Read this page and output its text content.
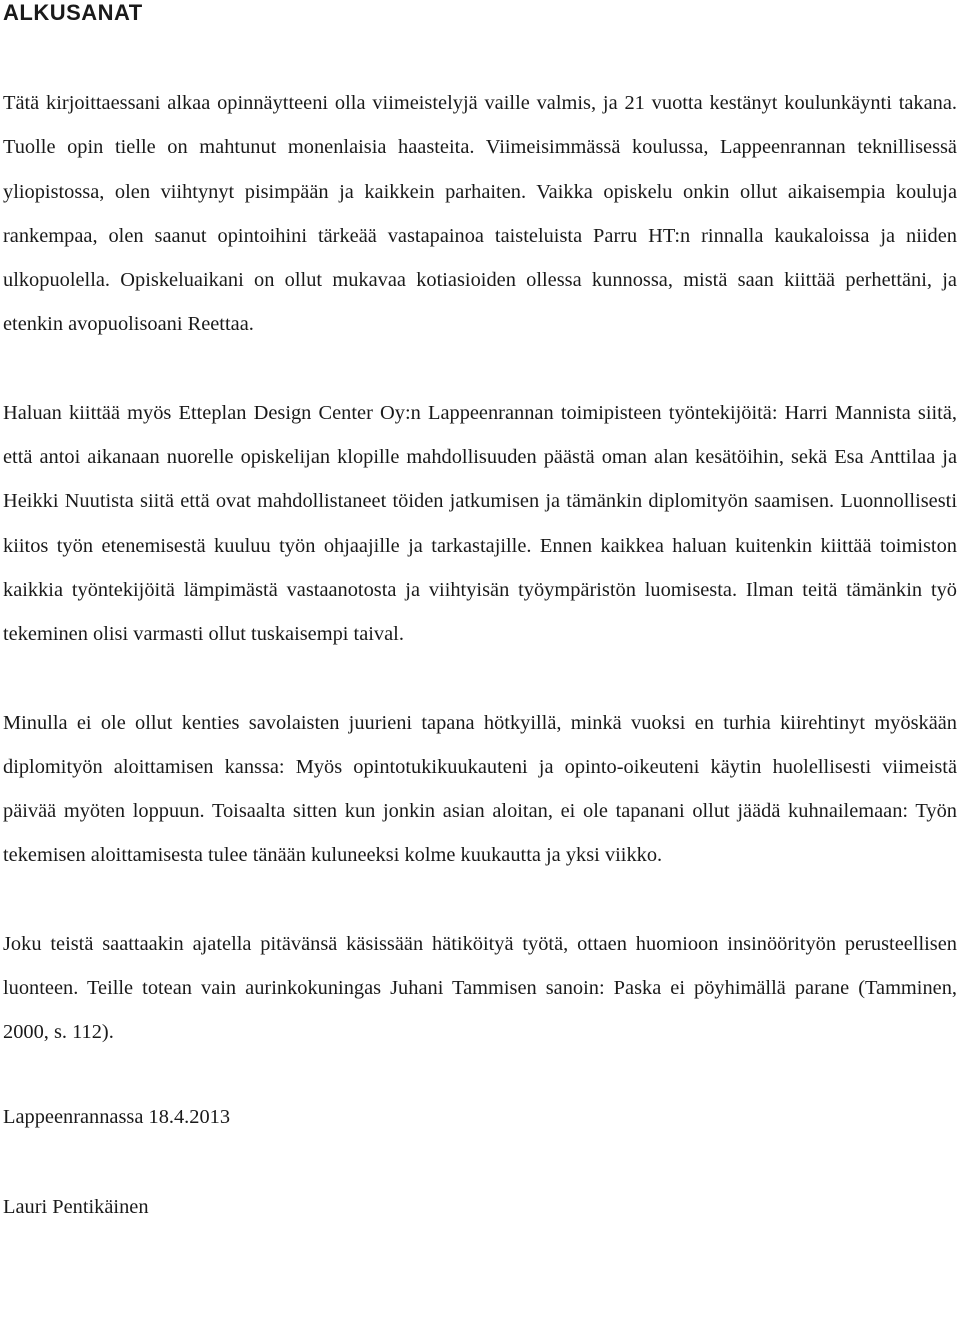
ALKUSANAT

Tätä kirjoittaessani alkaa opinnäytteeni olla viimeistelyjä vaille valmis, ja 21 vuotta kestänyt koulunkäynti takana. Tuolle opin tielle on mahtunut monenlaisia haasteita. Viimeisimmässä koulussa, Lappeenrannan teknillisessä yliopistossa, olen viihtynyt pisimpään ja kaikkein parhaiten. Vaikka opiskelu onkin ollut aikaisempia kouluja rankempaa, olen saanut opintoihini tärkeää vastapainoa taisteluista Parru HT:n rinnalla kaukaloissa ja niiden ulkopuolella. Opiskeluaikani on ollut mukavaa kotiasioiden ollessa kunnossa, mistä saan kiittää perhettäni, ja etenkin avopuolisoani Reettaa.

Haluan kiittää myös Etteplan Design Center Oy:n Lappeenrannan toimipisteen työntekijöitä: Harri Mannista siitä, että antoi aikanaan nuorelle opiskelijan klopille mahdollisuuden päästä oman alan kesätöihin, sekä Esa Anttilaa ja Heikki Nuutista siitä että ovat mahdollistaneet töiden jatkumisen ja tämänkin diplomityön saamisen. Luonnollisesti kiitos työn etenemisestä kuuluu työn ohjaajille ja tarkastajille. Ennen kaikkea haluan kuitenkin kiittää toimiston kaikkia työntekijöitä lämpimästä vastaanotosta ja viihtyisän työympäristön luomisesta. Ilman teitä tämänkin työ tekeminen olisi varmasti ollut tuskaisempi taival.

Minulla ei ole ollut kenties savolaisten juurieni tapana hötkyillä, minkä vuoksi en turhia kiirehtinyt myöskään diplomityön aloittamisen kanssa: Myös opintotukikuukauteni ja opinto-oikeuteni käytin huolellisesti viimeistä päivää myöten loppuun. Toisaalta sitten kun jonkin asian aloitan, ei ole tapanani ollut jäädä kuhnailemaan: Työn tekemisen aloittamisesta tulee tänään kuluneeksi kolme kuukautta ja yksi viikko.

Joku teistä saattaakin ajatella pitävänsä käsissään hätiköityä työtä, ottaen huomioon insinöörityön perusteellisen luonteen. Teille totean vain aurinkokuningas Juhani Tammisen sanoin: Paska ei pöyhimällä parane (Tamminen, 2000, s. 112).

Lappeenrannassa 18.4.2013

Lauri Pentikäinen
